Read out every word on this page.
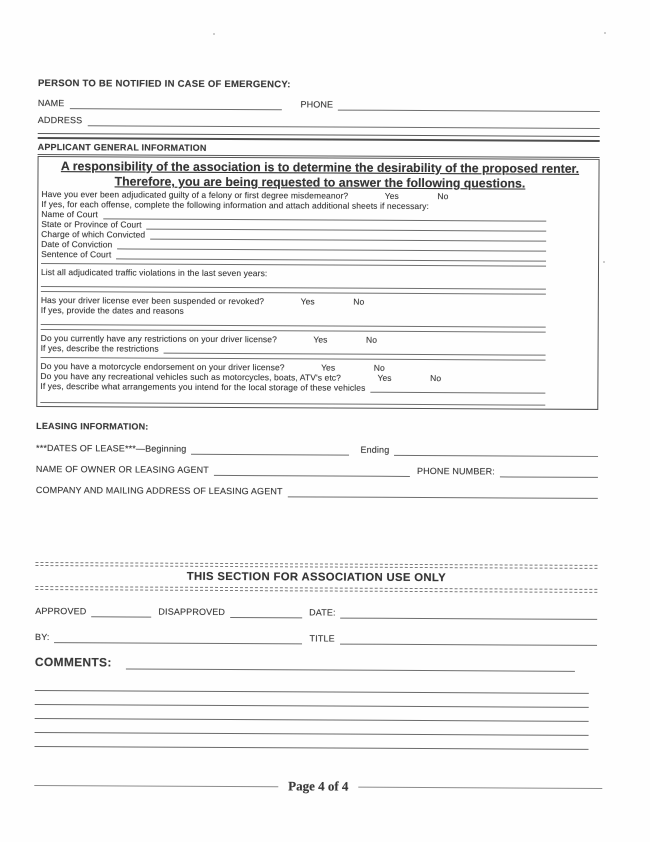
PERSON TO BE NOTIFIED IN CASE OF EMERGENCY:
NAME	PHONE
ADDRESS
APPLICANT GENERAL INFORMATION
A responsibility of the association is to determine the desirability of the proposed renter.
Therefore, you are being requested to answer the following questions.
Have you ever been adjudicated guilty of a felony or first degree misdemeanor?	Yes	No
If yes, for each offense, complete the following information and attach additional sheets if necessary:
Name of Court
State or Province of Court
Charge of which Convicted
Date of Conviction
Sentence of Court
List all adjudicated traffic violations in the last seven years:
Has your driver license ever been suspended or revoked?	Yes	No
If yes, provide the dates and reasons
Do you currently have any restrictions on your driver license?	Yes	No
If yes, describe the restrictions
Do you have a motorcycle endorsement on your driver license?	Yes	No
Do you have any recreational vehicles such as motorcycles, boats, ATV's etc?	Yes	No
If yes, describe what arrangements you intend for the local storage of these vehicles
LEASING INFORMATION:
***DATES OF LEASE***—Beginning	Ending
NAME OF OWNER OR LEASING AGENT	PHONE NUMBER:
COMPANY AND MAILING ADDRESS OF LEASING AGENT
THIS SECTION FOR ASSOCIATION USE ONLY
APPROVED	DISAPPROVED	DATE:
BY:	TITLE
COMMENTS:
Page 4 of 4
